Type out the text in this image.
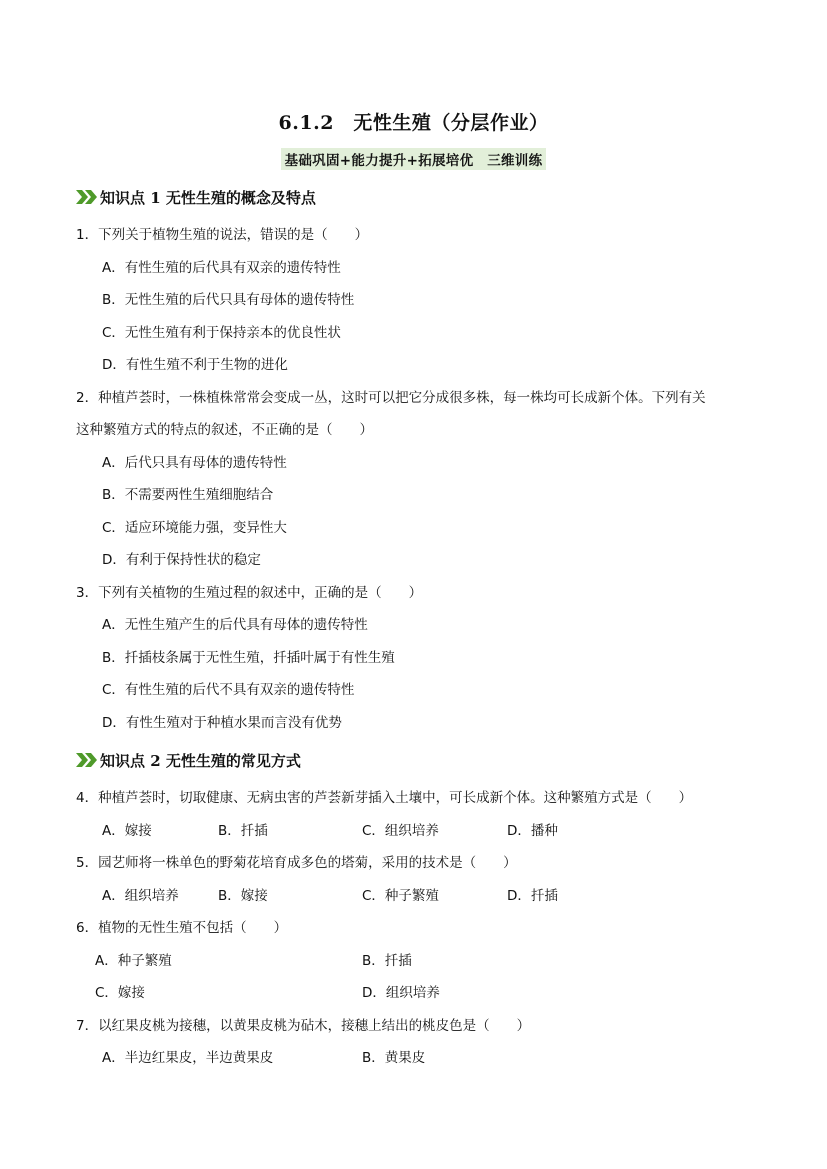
6.1.2　无性生殖（分层作业）
基础巩固+能力提升+拓展培优　三维训练
知识点 1 无性生殖的概念及特点
1．下列关于植物生殖的说法，错误的是（　　）
A．有性生殖的后代具有双亲的遗传特性
B．无性生殖的后代只具有母体的遗传特性
C．无性生殖有利于保持亲本的优良性状
D．有性生殖不利于生物的进化
2．种植芦荟时，一株植株常常会变成一丛，这时可以把它分成很多株，每一株均可长成新个体。下列有关
这种繁殖方式的特点的叙述，不正确的是（　　）
A．后代只具有母体的遗传特性
B．不需要两性生殖细胞结合
C．适应环境能力强，变异性大
D．有利于保持性状的稳定
3．下列有关植物的生殖过程的叙述中，正确的是（　　）
A．无性生殖产生的后代具有母体的遗传特性
B．扦插枝条属于无性生殖，扦插叶属于有性生殖
C．有性生殖的后代不具有双亲的遗传特性
D．有性生殖对于种植水果而言没有优势
知识点 2 无性生殖的常见方式
4．种植芦荟时，切取健康、无病虫害的芦荟新芽插入土壤中，可长成新个体。这种繁殖方式是（　　）
A．嫁接	B．扦插	C．组织培养	D．播种
5．园艺师将一株单色的野菊花培育成多色的塔菊，采用的技术是（　　）
A．组织培养	B．嫁接	C．种子繁殖	D．扦插
6．植物的无性生殖不包括（　　）
A．种子繁殖	B．扦插
C．嫁接	D．组织培养
7．以红果皮桃为接穗，以黄果皮桃为砧木，接穗上结出的桃皮色是（　　）
A．半边红果皮，半边黄果皮	B．黄果皮
